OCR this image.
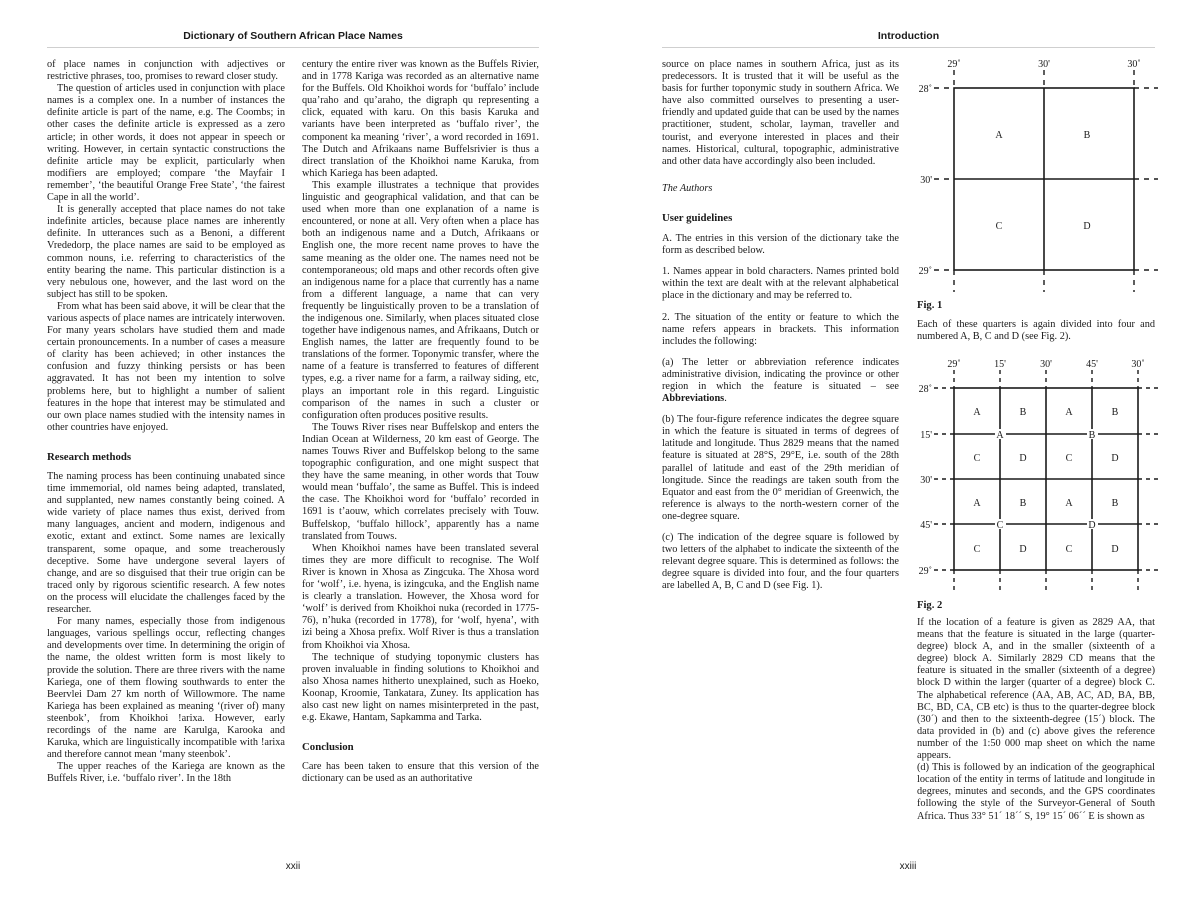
Dictionary of Southern African Place Names

of place names in conjunction with adjectives or restrictive phrases, too, promises to reward closer study.

The question of articles used in conjunction with place names is a complex one. In a number of instances the definite article is part of the name, e.g. The Coombs; in other cases the definite article is expressed as a zero article; in other words, it does not appear in speech or writing. However, in certain syntactic constructions the definite article may be explicit, particularly when modifiers are employed; compare ‘the Mayfair I remember’, ‘the beautiful Orange Free State’, ‘the fairest Cape in all the world’.

It is generally accepted that place names do not take indefinite articles, because place names are inherently definite. In utterances such as a Benoni, a different Vrededorp, the place names are said to be employed as common nouns, i.e. referring to characteristics of the entity bearing the name. This particular distinction is a very nebulous one, however, and the last word on the subject has still to be spoken.

From what has been said above, it will be clear that the various aspects of place names are intricately interwoven. For many years scholars have studied them and made certain pronouncements. In a number of cases a measure of clarity has been achieved; in other instances the confusion and fuzzy thinking persists or has been aggravated. It has not been my intention to solve problems here, but to highlight a number of salient features in the hope that interest may be stimulated and our own place names studied with the intensity names in other countries have enjoyed.

Research methods

The naming process has been continuing unabated since time immemorial, old names being adapted, translated, and supplanted, new names constantly being coined. A wide variety of place names thus exist, derived from many languages, ancient and modern, indigenous and exotic, extant and extinct. Some names are lexically transparent, some opaque, and some treacherously deceptive. Some have undergone several layers of change, and are so disguised that their true origin can be traced only by rigorous scientific research. A few notes on the process will elucidate the challenges faced by the researcher.

For many names, especially those from indigenous languages, various spellings occur, reflecting changes and developments over time. In determining the origin of the name, the oldest written form is most likely to provide the solution. There are three rivers with the name Kariega, one of them flowing southwards to enter the Beervlei Dam 27 km north of Willowmore. The name Kariega has been explained as meaning ‘(river of) many steenbok’, from Khoikhoi !arixa. However, early recordings of the name are Karulga, Karooka and Karuka, which are linguistically incompatible with !arixa and therefore cannot mean ‘many steenbok’.

The upper reaches of the Kariega are known as the Buffels River, i.e. ‘buffalo river’. In the 18th

century the entire river was known as the Buffels Rivier, and in 1778 Kariga was recorded as an alternative name for the Buffels. Old Khoikhoi words for ‘buffalo’ include qua’raho and qu’araho, the digraph qu representing a click, equated with karu. On this basis Karuka and variants have been interpreted as ‘buffalo river’, the component ka meaning ‘river’, a word recorded in 1691. The Dutch and Afrikaans name Buffelsrivier is thus a direct translation of the Khoikhoi name Karuka, from which Kariega has been adapted.

This example illustrates a technique that provides linguistic and geographical validation, and that can be used when more than one explanation of a name is encountered, or none at all. Very often when a place has both an indigenous name and a Dutch, Afrikaans or English one, the more recent name proves to have the same meaning as the older one. The names need not be contemporaneous; old maps and other records often give an indigenous name for a place that currently has a name from a different language, a name that can very frequently be linguistically proven to be a translation of the indigenous one. Similarly, when places situated close together have indigenous names, and Afrikaans, Dutch or English names, the latter are frequently found to be translations of the former. Toponymic transfer, where the name of a feature is transferred to features of different types, e.g. a river name for a farm, a railway siding, etc, plays an important role in this regard. Linguistic comparison of the names in such a cluster or configuration often produces positive results.

The Touws River rises near Buffelskop and enters the Indian Ocean at Wilderness, 20 km east of George. The names Touws River and Buffelskop belong to the same topographic configuration, and one might suspect that they have the same meaning, in other words that Touw would mean ‘buffalo’, the same as Buffel. This is indeed the case. The Khoikhoi word for ‘buffalo’ recorded in 1691 is t’aouw, which correlates precisely with Touw. Buffelskop, ‘buffalo hillock’, apparently has a name translated from Touws.

When Khoikhoi names have been translated several times they are more difficult to recognise. The Wolf River is known in Xhosa as Zingcuka. The Xhosa word for ‘wolf’, i.e. hyena, is izingcuka, and the English name is clearly a translation. However, the Xhosa word for ‘wolf’ is derived from Khoikhoi nuka (recorded in 1775-76), n’huka (recorded in 1778), for ‘wolf, hyena’, with izi being a Xhosa prefix. Wolf River is thus a translation from Khoikhoi via Xhosa.

The technique of studying toponymic clusters has proven invaluable in finding solutions to Khoikhoi and also Xhosa names hitherto unexplained, such as Hoeko, Koonap, Kroomie, Tankatara, Zuney. Its application has also cast new light on names misinterpreted in the past, e.g. Ekawe, Hantam, Sapkamma and Tarka.

Conclusion

Care has been taken to ensure that this version of the dictionary can be used as an authoritative

xxii
Introduction
xxiii

source on place names in southern Africa, just as its predecessors. It is trusted that it will be useful as the basis for further toponymic study in southern Africa. We have also committed ourselves to presenting a user-friendly and updated guide that can be used by the names practitioner, student, scholar, layman, traveller and tourist, and everyone interested in places and their names. Historical, cultural, topographic, administrative and other data have accordingly also been included.

The Authors

User guidelines

A. The entries in this version of the dictionary take the form as described below.

1. Names appear in bold characters. Names printed bold within the text are dealt with at the relevant alphabetical place in the dictionary and may be referred to.

2. The situation of the entity or feature to which the name refers appears in brackets. This information includes the following:

(a) The letter or abbreviation reference indicates administrative division, indicating the province or other region in which the feature is situated – see Abbreviations.

(b) The four-figure reference indicates the degree square in which the feature is situated in terms of degrees of latitude and longitude. Thus 2829 means that the named feature is situated at 28°S, 29°E, i.e. south of the 28th parallel of latitude and east of the 29th meridian of longitude. Since the readings are taken south from the Equator and east from the 0° meridian of Greenwich, the reference is always to the north-western corner of the one-degree square.

(c) The indication of the degree square is followed by two letters of the alphabet to indicate the sixteenth of the relevant degree square. This is determined as follows: the degree square is divided into four, and the four quarters are labelled A, B, C and D (see Fig. 1).

29˚	30'	30˚
28˚
30'
29˚
A	B
C	D
Fig. 1
Each of these quarters is again divided into four and numbered A, B, C and D (see Fig. 2).
29˚	15'	30'	45'	30˚
28˚
15'
30'
45'
29˚
A	B	A	B
C	D	C	D
A	B	A	B
C	D	C	D
A	B
C	D
Fig. 2

If the location of a feature is given as 2829 AA, that means that the feature is situated in the large (quarter-degree) block A, and in the smaller (sixteenth of a degree) block A. Similarly 2829 CD means that the feature is situated in the smaller (sixteenth of a degree) block D within the larger (quarter of a degree) block C. The alphabetical reference (AA, AB, AC, AD, BA, BB, BC, BD, CA, CB etc) is thus to the quarter-degree block (30´) and then to the sixteenth-degree (15´) block. The data provided in (b) and (c) above gives the reference number of the 1:50 000 map sheet on which the name appears.

(d) This is followed by an indication of the geographical location of the entity in terms of latitude and longitude in degrees, minutes and seconds, and the GPS coordinates following the style of the Surveyor-General of South Africa. Thus 33° 51´ 18´´ S, 19° 15´ 06´´ E is shown as
